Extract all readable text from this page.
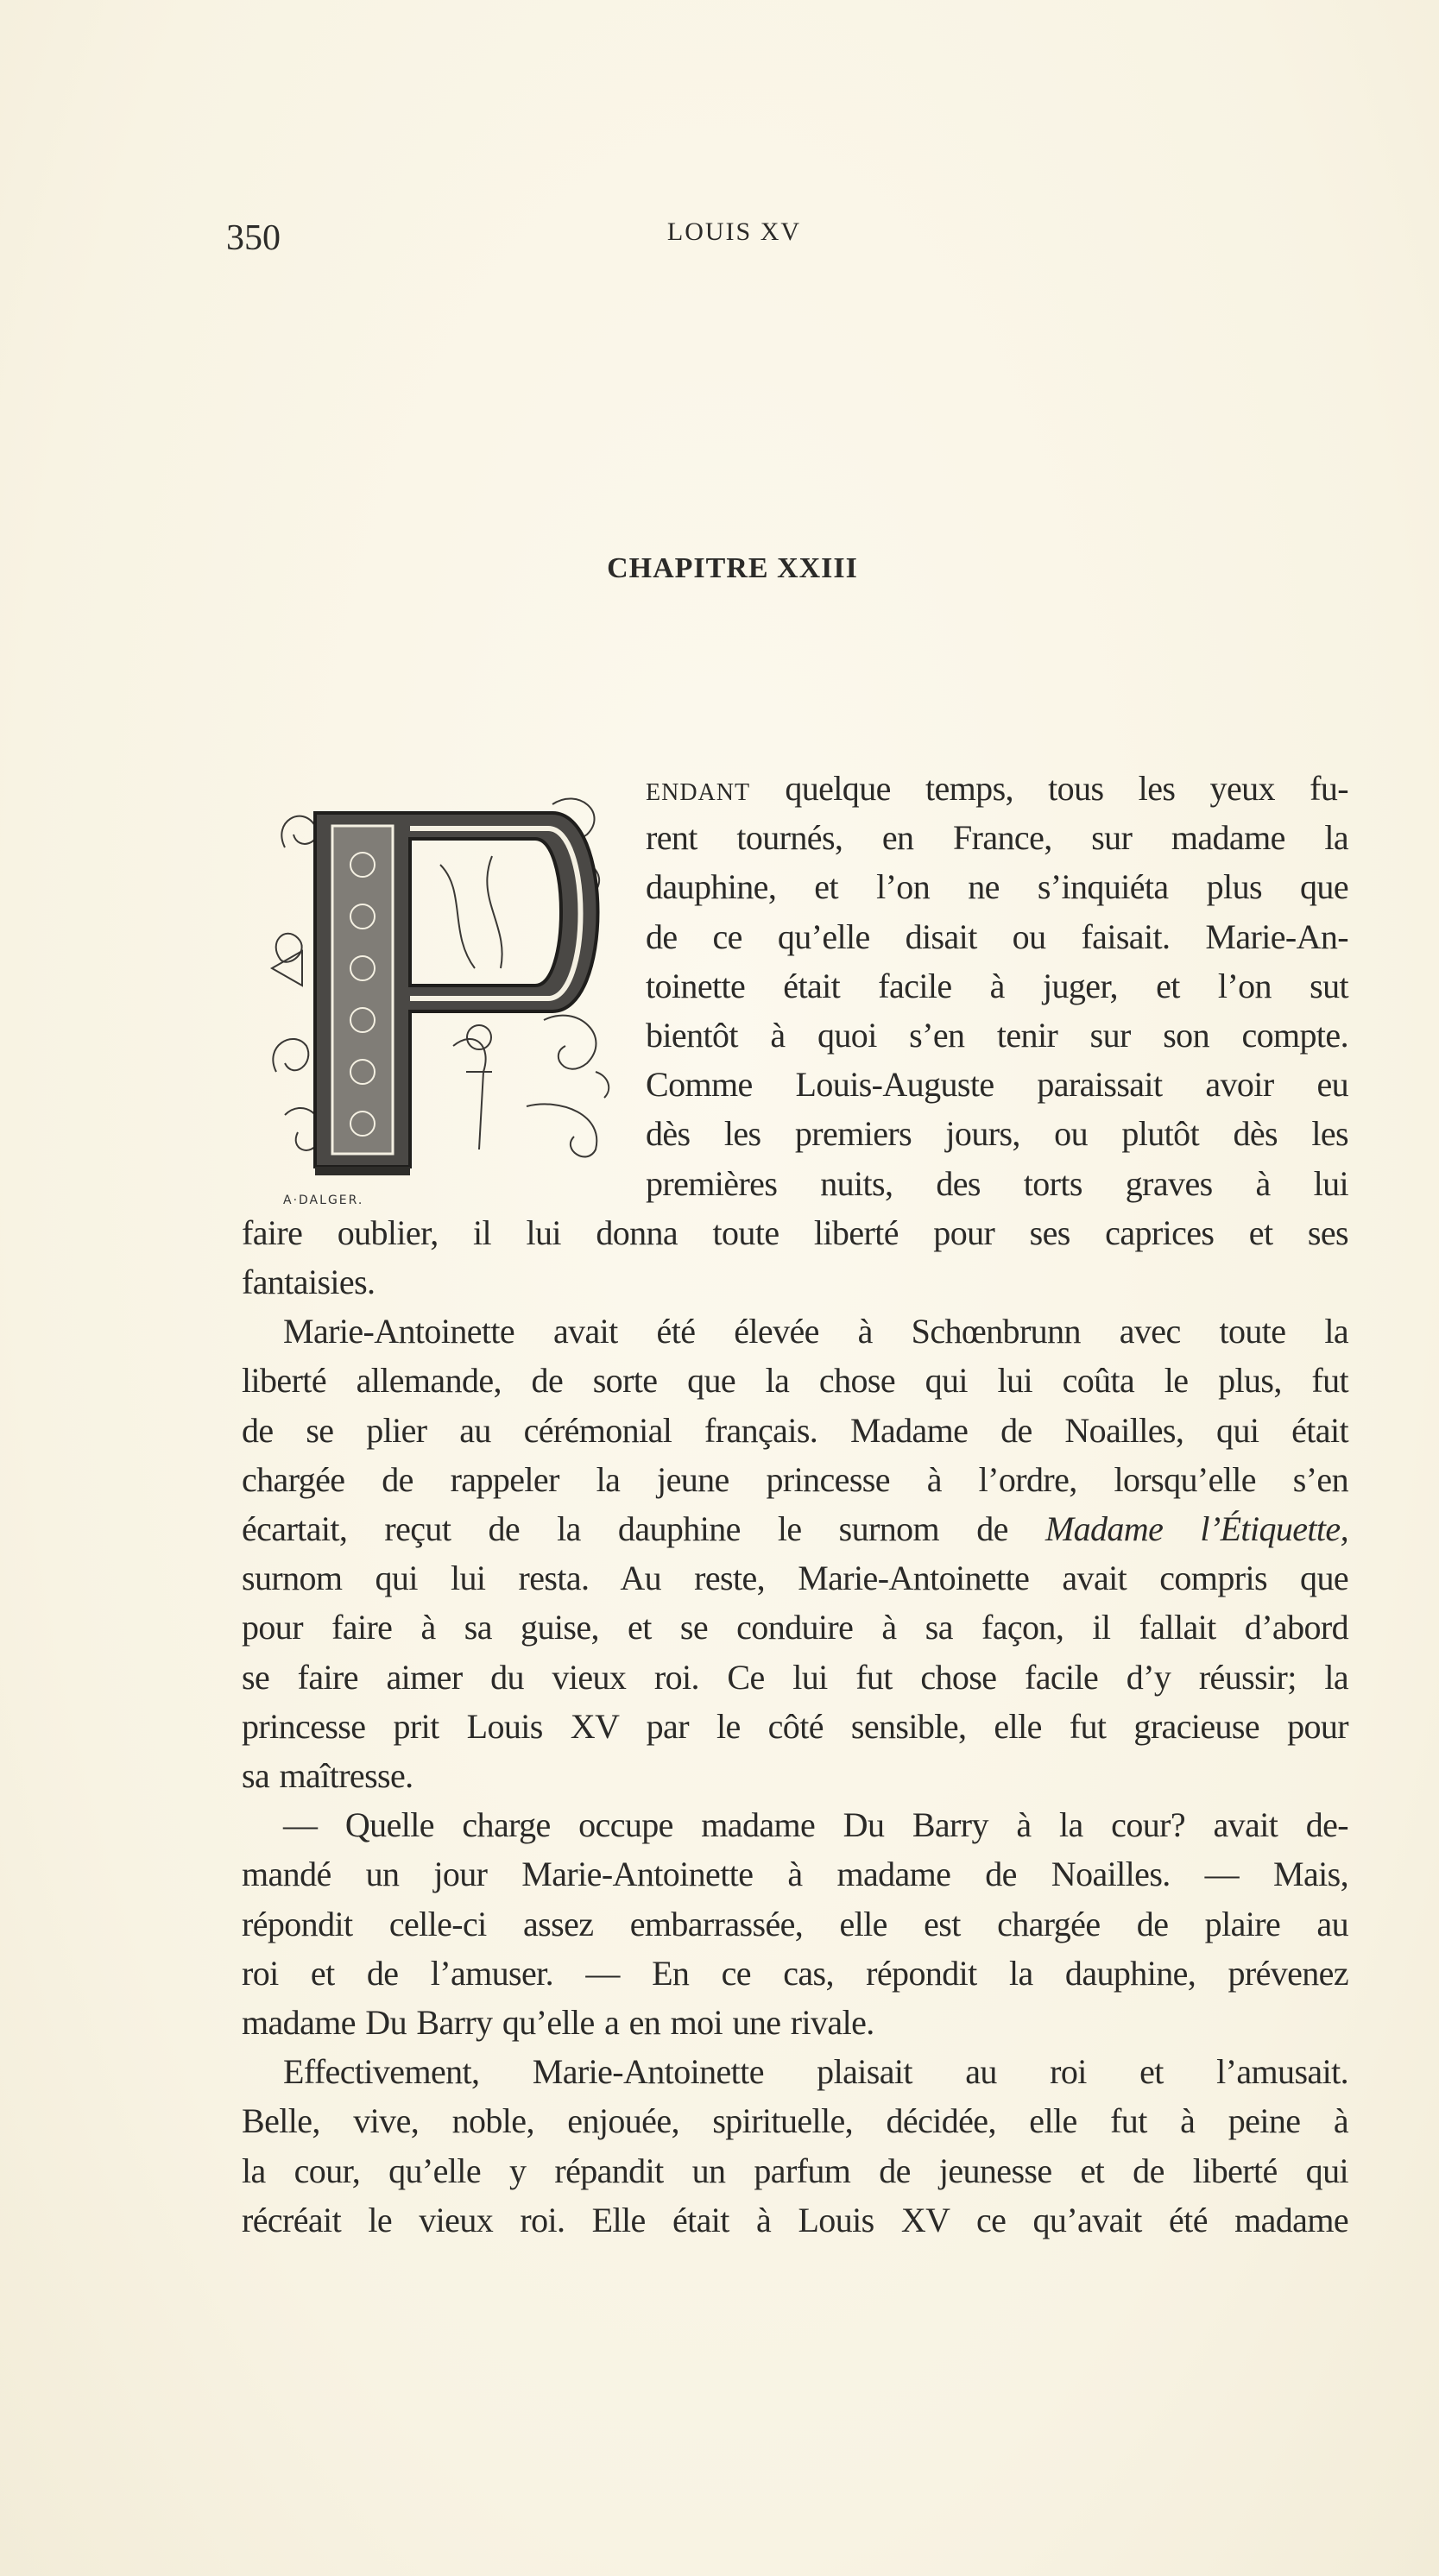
350	LOUIS XV
CHAPITRE XXIII
A·DALGER.
ENDANT quelque temps, tous les yeux fu-
rent tournés, en France, sur madame la
dauphine, et l’on ne s’inquiéta plus que
de ce qu’elle disait ou faisait. Marie-An-
toinette était facile à juger, et l’on sut
bientôt à quoi s’en tenir sur son compte.
Comme Louis-Auguste paraissait avoir eu
dès les premiers jours, ou plutôt dès les
premières nuits, des torts graves à lui
faire oublier, il lui donna toute liberté pour ses caprices et ses
fantaisies.
Marie-Antoinette avait été élevée à Schœnbrunn avec toute la
liberté allemande, de sorte que la chose qui lui coûta le plus, fut
de se plier au cérémonial français. Madame de Noailles, qui était
chargée de rappeler la jeune princesse à l’ordre, lorsqu’elle s’en
écartait, reçut de la dauphine le surnom de Madame l’Étiquette,
surnom qui lui resta. Au reste, Marie-Antoinette avait compris que
pour faire à sa guise, et se conduire à sa façon, il fallait d’abord
se faire aimer du vieux roi. Ce lui fut chose facile d’y réussir; la
princesse prit Louis XV par le côté sensible, elle fut gracieuse pour
sa maîtresse.
— Quelle charge occupe madame Du Barry à la cour? avait de-
mandé un jour Marie-Antoinette à madame de Noailles. — Mais,
répondit celle-ci assez embarrassée, elle est chargée de plaire au
roi et de l’amuser. — En ce cas, répondit la dauphine, prévenez
madame Du Barry qu’elle a en moi une rivale.
Effectivement, Marie-Antoinette plaisait au roi et l’amusait.
Belle, vive, noble, enjouée, spirituelle, décidée, elle fut à peine à
la cour, qu’elle y répandit un parfum de jeunesse et de liberté qui
récréait le vieux roi. Elle était à Louis XV ce qu’avait été madame
